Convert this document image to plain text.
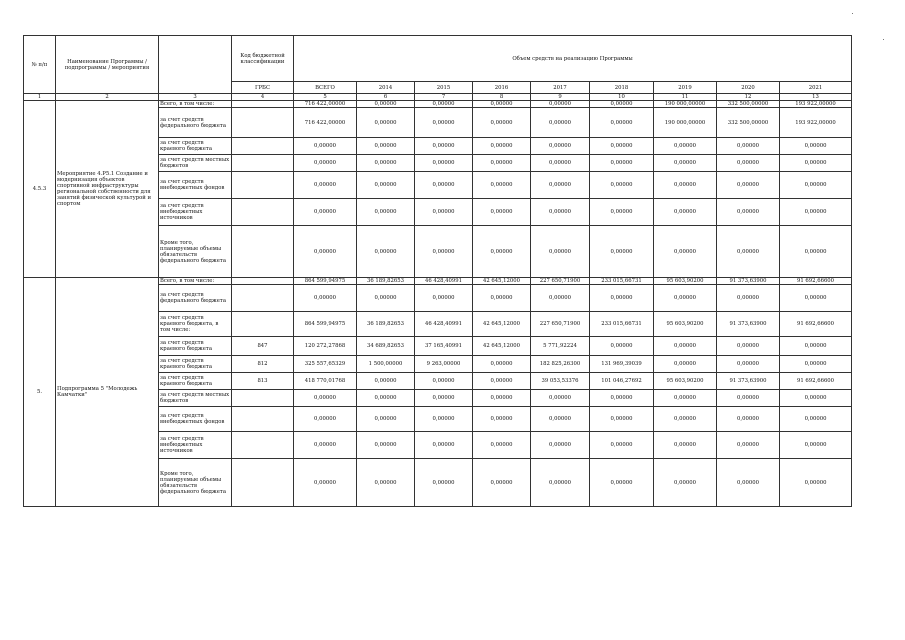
№ п/п	Наименование Программы / подпрограммы / мероприятия		Код бюджетной классификации	Объем средств на реализацию Программы								
			ГРБС	ВСЕГО	2014	2015	2016	2017	2018	2019	2020	2021
1	2	3	4	5	6	7	8	9	10	11	12	13
4.5.3	Мероприятие 4.Р5.1 Создание и модернизация объектов спортивной инфраструктуры региональной собственности для занятий физической культурой и спортом	Всего, в том числе:		716 422,00000	0,00000	0,00000	0,00000	0,00000	0,00000	190 000,00000	332 500,00000	193 922,00000
		за счет средств федерального бюджета		716 422,00000	0,00000	0,00000	0,00000	0,00000	0,00000	190 000,00000	332 500,00000	193 922,00000
		за счет средств краевого бюджета		0,00000	0,00000	0,00000	0,00000	0,00000	0,00000	0,00000	0,00000	0,00000
		за счет средств местных бюджетов		0,00000	0,00000	0,00000	0,00000	0,00000	0,00000	0,00000	0,00000	0,00000
		за счет средств внебюджетных фондов		0,00000	0,00000	0,00000	0,00000	0,00000	0,00000	0,00000	0,00000	0,00000
		за счет средств внебюджетных источников		0,00000	0,00000	0,00000	0,00000	0,00000	0,00000	0,00000	0,00000	0,00000
		Кроме того, планируемые объемы обязательств федерального бюджета		0,00000	0,00000	0,00000	0,00000	0,00000	0,00000	0,00000	0,00000	0,00000
5.	Подпрограмма 5 "Молодежь Камчатки"	Всего, в том числе:		864 599,94975	36 189,82653	46 428,40991	42 645,12000	227 650,71900	233 015,66731	95 603,90200	91 373,63900	91 692,66600
		за счет средств федерального бюджета		0,00000	0,00000	0,00000	0,00000	0,00000	0,00000	0,00000	0,00000	0,00000
		за счет средств краевого бюджета, в том числе:		864 599,94975	36 189,82653	46 428,40991	42 645,12000	227 650,71900	233 015,66731	95 603,90200	91 373,63900	91 692,66600
		за счет средств краевого бюджета	847	120 272,27868	34 689,82653	37 165,40991	42 645,12000	5 771,92224	0,00000	0,00000	0,00000	0,00000
		за счет средств краевого бюджета	812	325 557,65329	1 500,00000	9 263,00000	0,00000	182 825,26300	131 969,39039	0,00000	0,00000	0,00000
		за счет средств краевого бюджета	813	418 770,01768	0,00000	0,00000	0,00000	39 053,53376	101 046,27692	95 603,90200	91 373,63900	91 692,66600
		за счет средств местных бюджетов		0,00000	0,00000	0,00000	0,00000	0,00000	0,00000	0,00000	0,00000	0,00000
		за счет средств внебюджетных фондов		0,00000	0,00000	0,00000	0,00000	0,00000	0,00000	0,00000	0,00000	0,00000
		за счет средств внебюджетных источников		0,00000	0,00000	0,00000	0,00000	0,00000	0,00000	0,00000	0,00000	0,00000
		Кроме того, планируемые объемы обязательств федерального бюджета		0,00000	0,00000	0,00000	0,00000	0,00000	0,00000	0,00000	0,00000	0,00000
